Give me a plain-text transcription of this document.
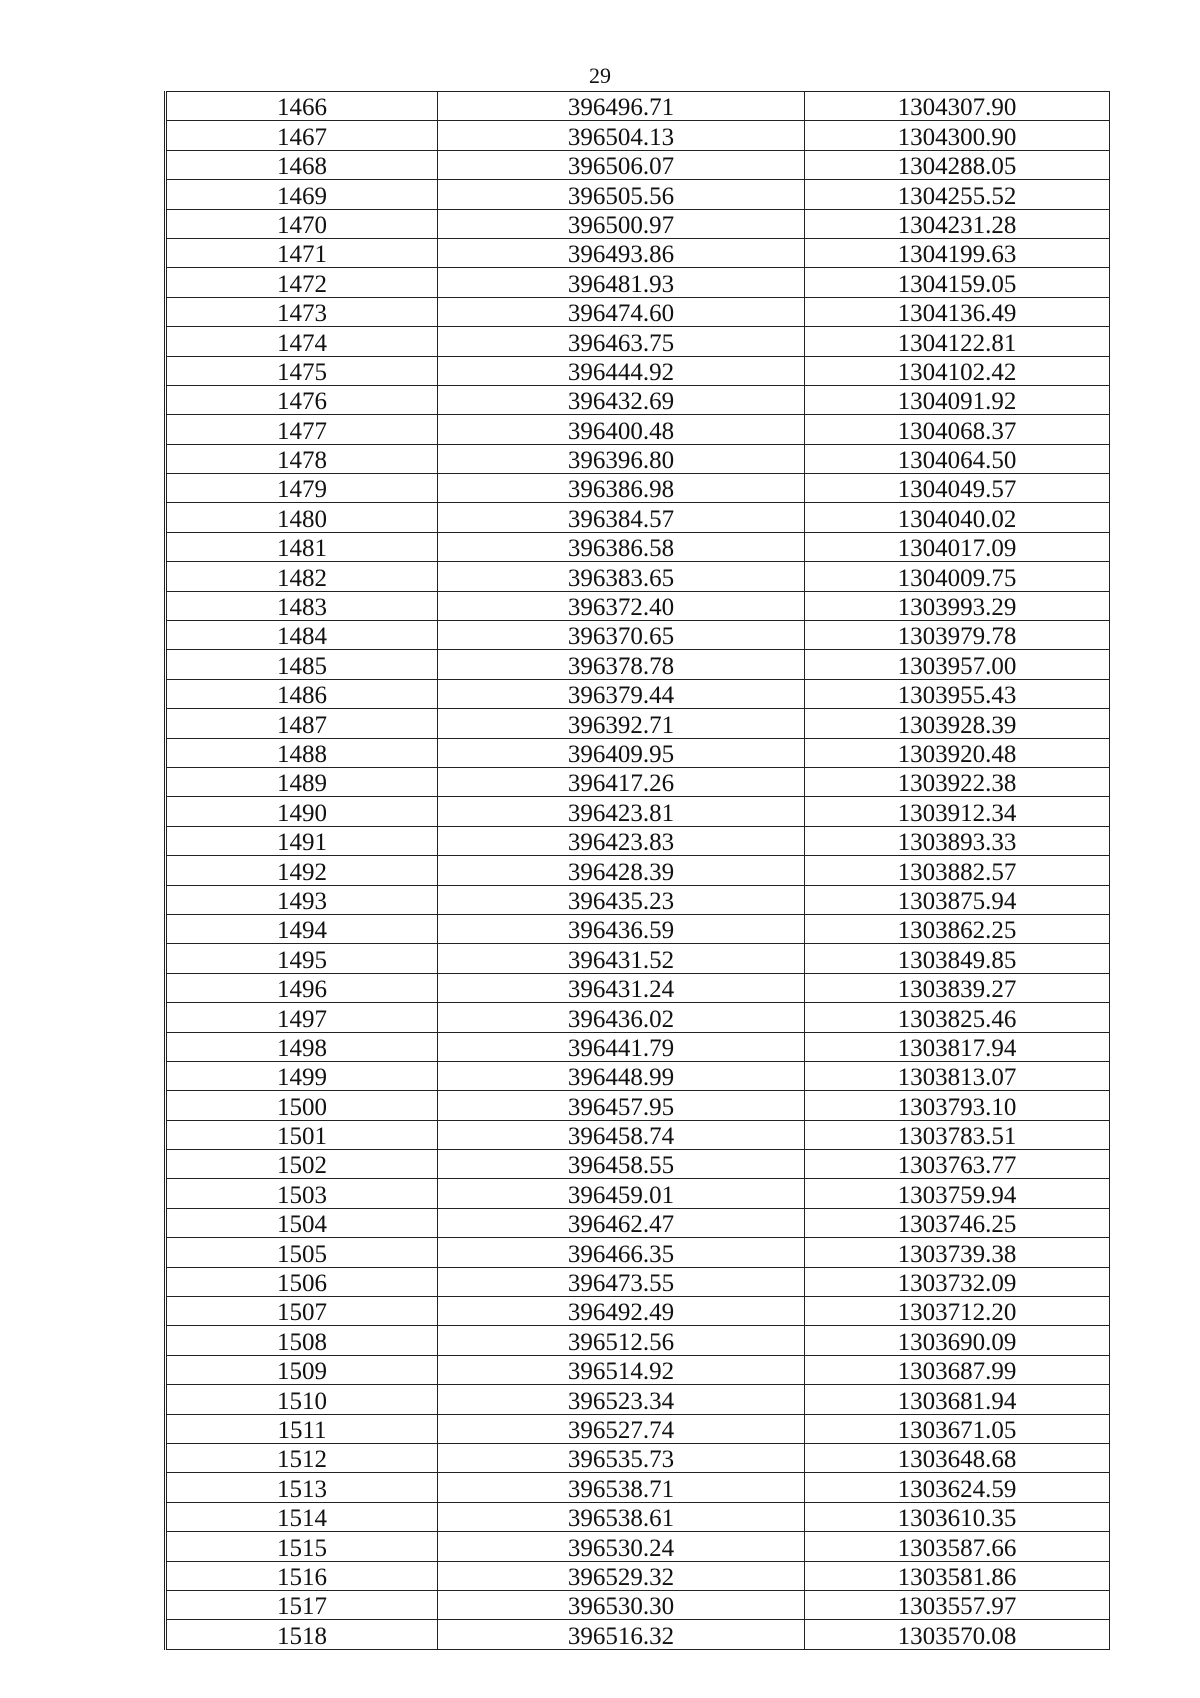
29
1466	396496.71	1304307.90
1467	396504.13	1304300.90
1468	396506.07	1304288.05
1469	396505.56	1304255.52
1470	396500.97	1304231.28
1471	396493.86	1304199.63
1472	396481.93	1304159.05
1473	396474.60	1304136.49
1474	396463.75	1304122.81
1475	396444.92	1304102.42
1476	396432.69	1304091.92
1477	396400.48	1304068.37
1478	396396.80	1304064.50
1479	396386.98	1304049.57
1480	396384.57	1304040.02
1481	396386.58	1304017.09
1482	396383.65	1304009.75
1483	396372.40	1303993.29
1484	396370.65	1303979.78
1485	396378.78	1303957.00
1486	396379.44	1303955.43
1487	396392.71	1303928.39
1488	396409.95	1303920.48
1489	396417.26	1303922.38
1490	396423.81	1303912.34
1491	396423.83	1303893.33
1492	396428.39	1303882.57
1493	396435.23	1303875.94
1494	396436.59	1303862.25
1495	396431.52	1303849.85
1496	396431.24	1303839.27
1497	396436.02	1303825.46
1498	396441.79	1303817.94
1499	396448.99	1303813.07
1500	396457.95	1303793.10
1501	396458.74	1303783.51
1502	396458.55	1303763.77
1503	396459.01	1303759.94
1504	396462.47	1303746.25
1505	396466.35	1303739.38
1506	396473.55	1303732.09
1507	396492.49	1303712.20
1508	396512.56	1303690.09
1509	396514.92	1303687.99
1510	396523.34	1303681.94
1511	396527.74	1303671.05
1512	396535.73	1303648.68
1513	396538.71	1303624.59
1514	396538.61	1303610.35
1515	396530.24	1303587.66
1516	396529.32	1303581.86
1517	396530.30	1303557.97
1518	396516.32	1303570.08
